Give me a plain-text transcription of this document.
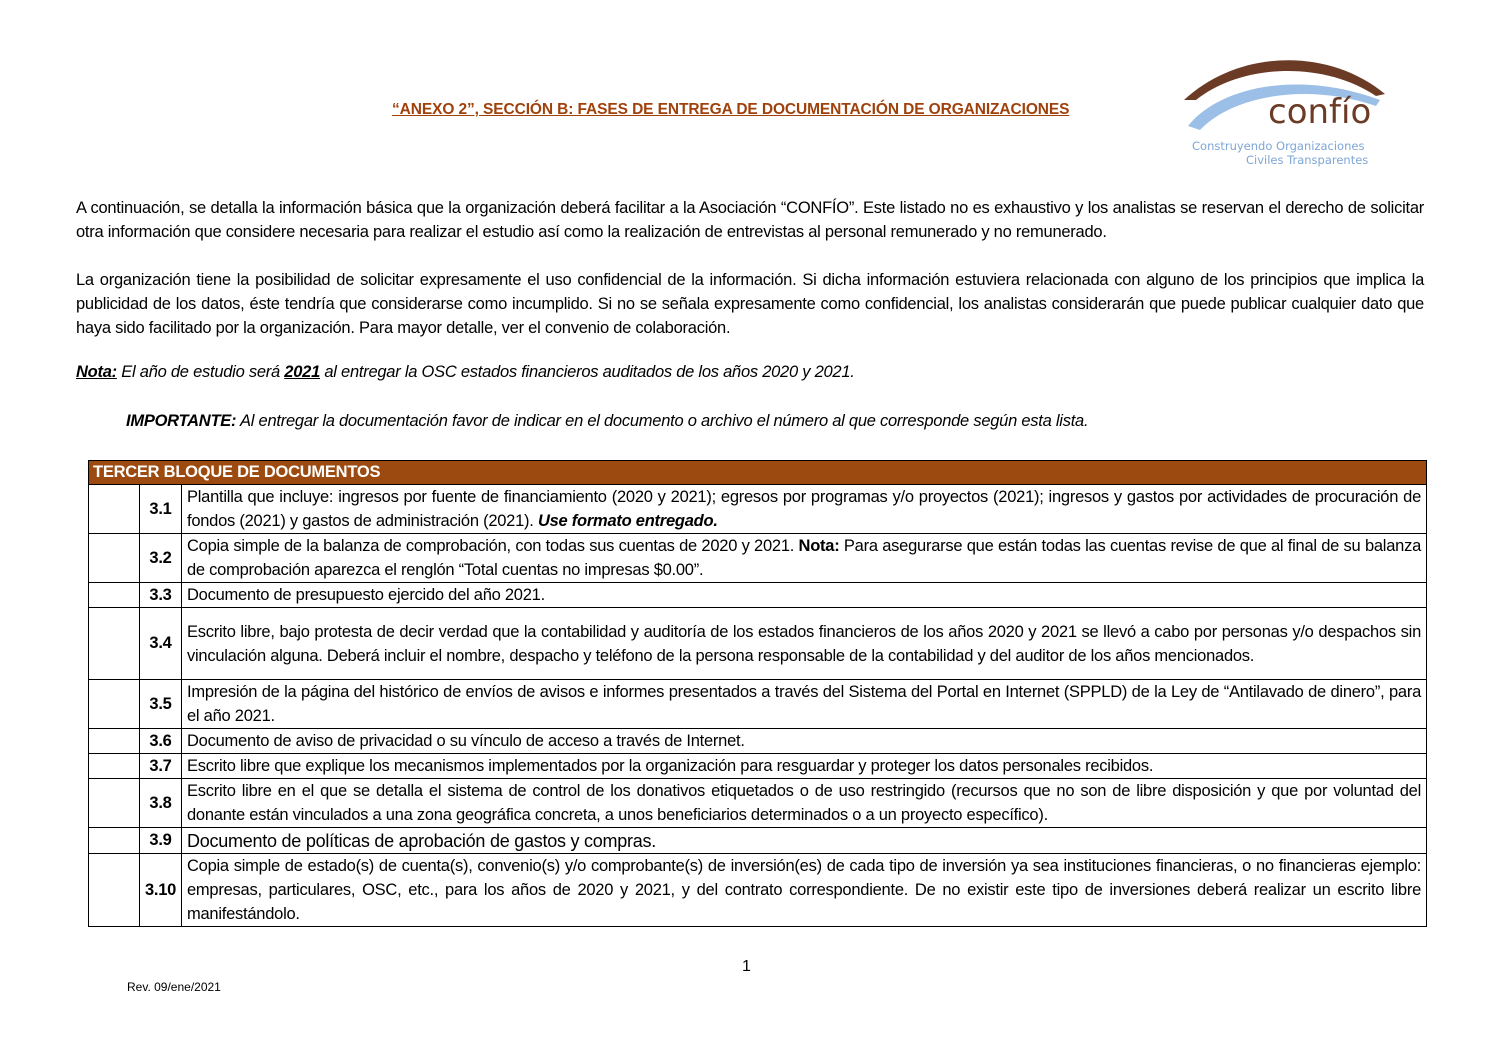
“ANEXO 2”, SECCIÓN B: FASES DE ENTREGA DE DOCUMENTACIÓN DE ORGANIZACIONES	confío
Construyendo Organizaciones
Civiles Transparentes
A continuación, se detalla la información básica que la organización deberá facilitar a la Asociación “CONFÍO”. Este listado no es exhaustivo y los analistas se reservan el derecho de solicitar otra información que considere necesaria para realizar el estudio así como la realización de entrevistas al personal remunerado y no remunerado.
La organización tiene la posibilidad de solicitar expresamente el uso confidencial de la información. Si dicha información estuviera relacionada con alguno de los principios que implica la publicidad de los datos, éste tendría que considerarse como incumplido. Si no se señala expresamente como confidencial, los analistas considerarán que puede publicar cualquier dato que haya sido facilitado por la organización. Para mayor detalle, ver el convenio de colaboración.
Nota: El año de estudio será 2021 al entregar la OSC estados financieros auditados de los años 2020 y 2021.
IMPORTANTE: Al entregar la documentación favor de indicar en el documento o archivo el número al que corresponde según esta lista.
TERCER BLOQUE DE DOCUMENTOS		
	3.1	Plantilla que incluye: ingresos por fuente de financiamiento (2020 y 2021); egresos por programas y/o proyectos (2021); ingresos y gastos por actividades de procuración de fondos (2021) y gastos de administración (2021). Use formato entregado.
	3.2	Copia simple de la balanza de comprobación, con todas sus cuentas de 2020 y 2021. Nota: Para asegurarse que están todas las cuentas revise de que al final de su balanza de comprobación aparezca el renglón “Total cuentas no impresas $0.00”.
	3.3	Documento de presupuesto ejercido del año 2021.
	3.4	Escrito libre, bajo protesta de decir verdad que la contabilidad y auditoría de los estados financieros de los años 2020 y 2021 se llevó a cabo por personas y/o despachos sin vinculación alguna. Deberá incluir el nombre, despacho y teléfono de la persona responsable de la contabilidad y del auditor de los años mencionados.
	3.5	Impresión de la página del histórico de envíos de avisos e informes presentados a través del Sistema del Portal en Internet (SPPLD) de la Ley de “Antilavado de dinero”, para el año 2021.
	3.6	Documento de aviso de privacidad o su vínculo de acceso a través de Internet.
	3.7	Escrito libre que explique los mecanismos implementados por la organización para resguardar y proteger los datos personales recibidos.
	3.8	Escrito libre en el que se detalla el sistema de control de los donativos etiquetados o de uso restringido (recursos que no son de libre disposición y que por voluntad del donante están vinculados a una zona geográfica concreta, a unos beneficiarios determinados o a un proyecto específico).
	3.9	Documento de políticas de aprobación de gastos y compras.
	3.10	Copia simple de estado(s) de cuenta(s), convenio(s) y/o comprobante(s) de inversión(es) de cada tipo de inversión ya sea instituciones financieras, o no financieras ejemplo: empresas, particulares, OSC, etc., para los años de 2020 y 2021, y del contrato correspondiente. De no existir este tipo de inversiones deberá realizar un escrito libre manifestándolo.
1
Rev. 09/ene/2021
